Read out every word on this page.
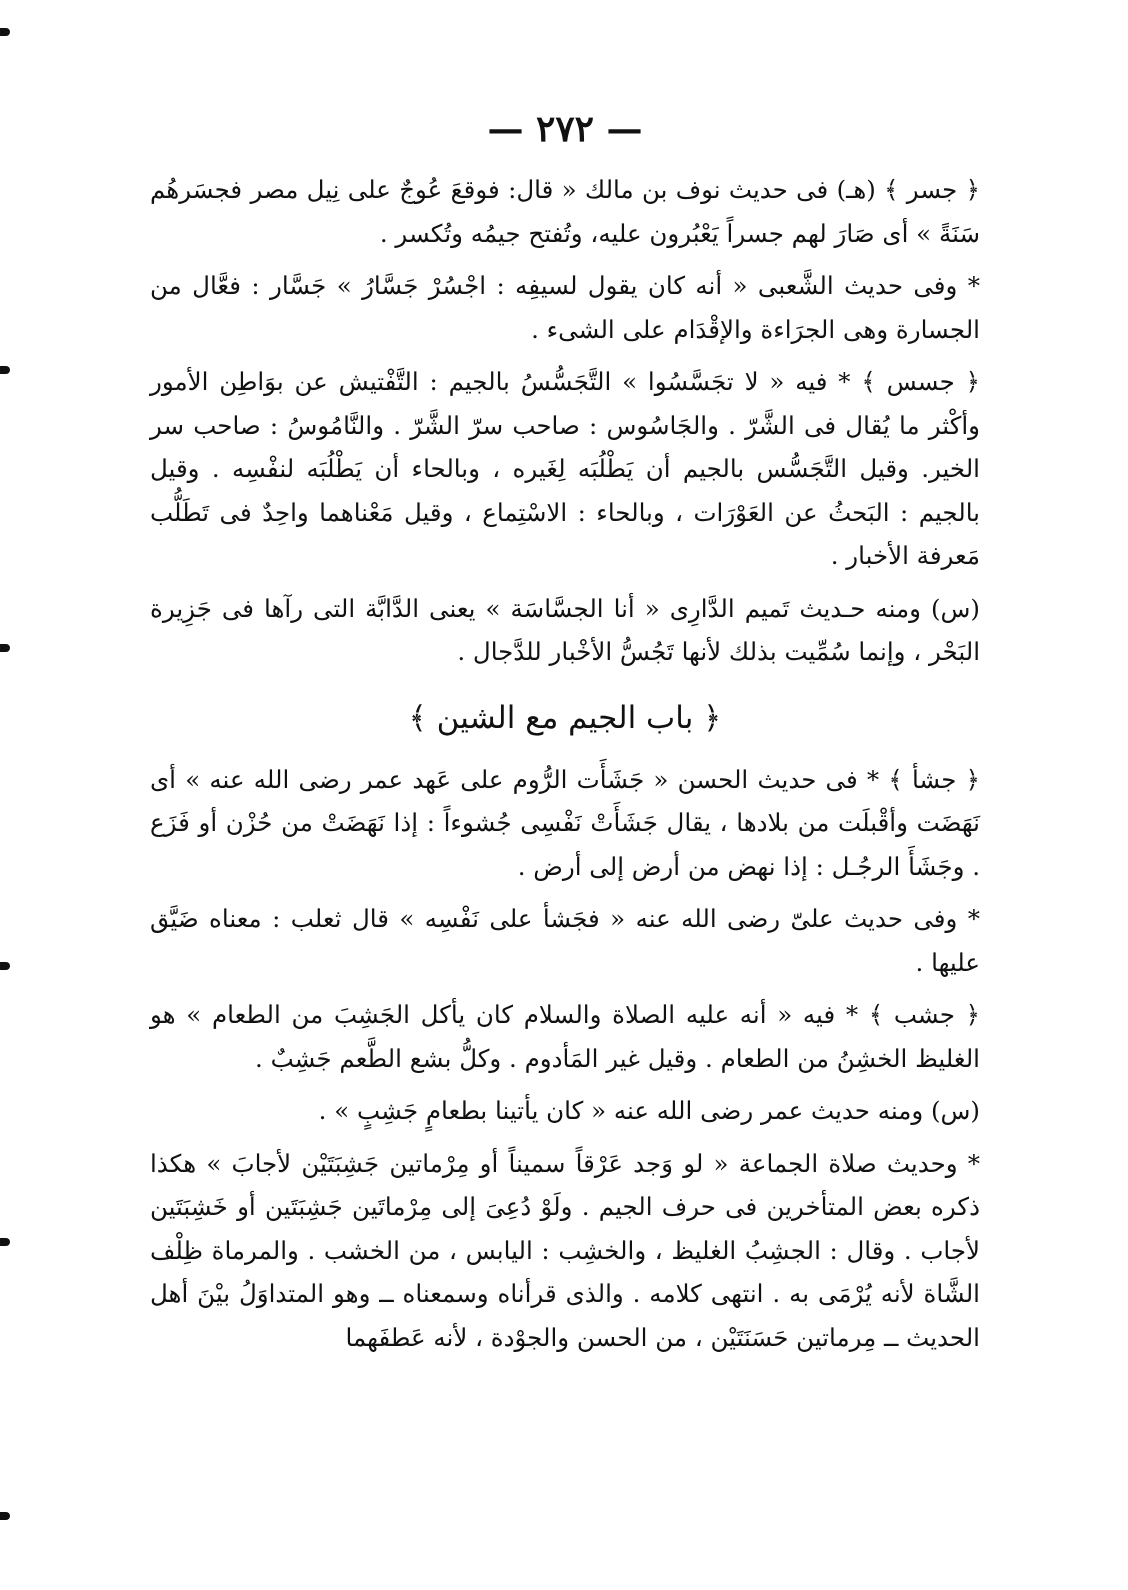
— ٢٧٢ —

﴿ جسر ﴾ (هـ) فى حديث نوف بن مالك « قال: فوقعَ عُوجٌ على نِيل مصر فجسَرهُم سَنَةً » أى صَارَ لهم جسراً يَعْبُرون عليه، وتُفتح جيمُه وتُكسر .

* وفى حديث الشَّعبى « أنه كان يقول لسيفِه : اجْسُرْ جَسَّارُ » جَسَّار : فعَّال من الجسارة وهى الجرَاءة والإقْدَام على الشىء .

﴿ جسس ﴾ * فيه « لا تجَسَّسُوا » التَّجَسُّسُ بالجيم : التَّفْتيش عن بوَاطِن الأمور وأكْثر ما يُقال فى الشَّرّ . والجَاسُوس : صاحب سرّ الشَّرّ . والنَّامُوسُ : صاحب سر الخير. وقيل التَّجَسُّس بالجيم أن يَطْلُبَه لِغَيره ، وبالحاء أن يَطْلُبَه لنفْسِه . وقيل بالجيم : البَحثُ عن العَوْرَات ، وبالحاء : الاسْتِماع ، وقيل مَعْناهما واحِدٌ فى تَطَلُّب مَعرفة الأخبار .

(س) ومنه حـديث تَميم الدَّارِى « أنا الجسَّاسَة » يعنى الدَّابَّة التى رآها فى جَزِيرة البَحْر ، وإنما سُمِّيت بذلك لأنها تَجُسُّ الأخْبار للدَّجال .

﴿ باب الجيم مع الشين ﴾

﴿ جشأ ﴾ * فى حديث الحسن « جَشَأَت الرُّوم على عَهد عمر رضى الله عنه » أى نَهَضَت وأقْبلَت من بلادها ، يقال جَشَأَتْ نَفْسِى جُشوءاً : إذا نَهَضَتْ من حُزْن أو فَزَع . وجَشَأَ الرجُـل : إذا نهض من أرض إلى أرض .

* وفى حديث علىّ رضى الله عنه « فجَشأ على نَفْسِه » قال ثعلب : معناه ضَيَّق عليها .

﴿ جشب ﴾ * فيه « أنه عليه الصلاة والسلام كان يأكل الجَشِبَ من الطعام » هو الغليظ الخشِنُ من الطعام . وقيل غير المَأدوم . وكلُّ بشع الطَّعم جَشِبٌ .

(س) ومنه حديث عمر رضى الله عنه « كان يأتينا بطعامٍ جَشِبٍ » .

* وحديث صلاة الجماعة « لو وَجد عَرْقاً سميناً أو مِرْماتين جَشِبَتَيْن لأجابَ » هكذا ذكره بعض المتأخرين فى حرف الجيم . ولَوْ دُعِىَ إلى مِرْماتَين جَشِبَتَين أو خَشِبَتَين لأجاب . وقال : الجشِبُ الغليظ ، والخشِب : اليابس ، من الخشب . والمرماة ظِلْف الشَّاة لأنه يُرْمَى به . انتهى كلامه . والذى قرأناه وسمعناه ــ وهو المتداوَلُ بيْنَ أهل الحديث ــ مِرماتين حَسَنَتَيْن ، من الحسن والجوْدة ، لأنه عَطفَهما
